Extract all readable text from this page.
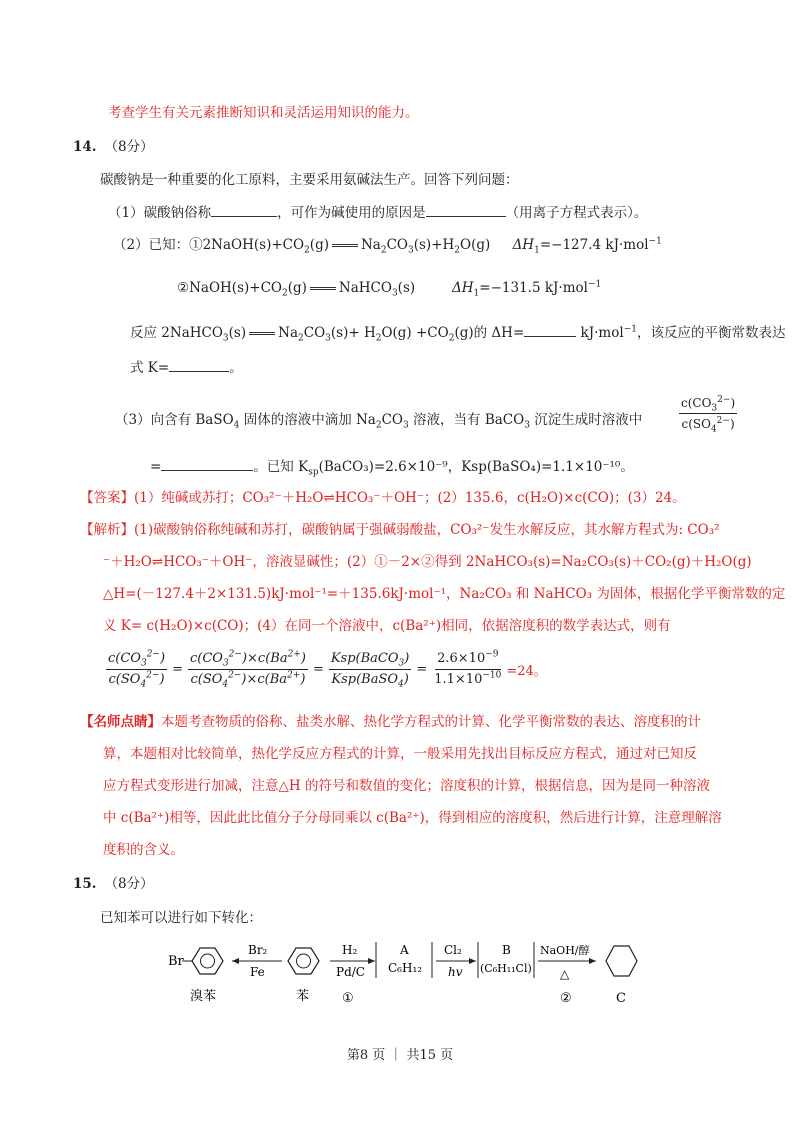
考查学生有关元素推断知识和灵活运用知识的能力。
14. （8分）
碳酸钠是一种重要的化工原料，主要采用氨碱法生产。回答下列问题：
（1）碳酸钠俗称	，可作为碱使用的原因是	（用离子方程式表示）。
（2）已知：$①2NaOH(s)+CO_2(g)$ $Na_2CO_3(s)+H_2O(g)$ $\Delta H_1=-127.4$ kJ·mol$^{-1}$
$②NaOH(s)+CO_2(g)$ NaHCO$_3$(s)	$\Delta H_1=-131.5$ kJ·mol$^{-1}$
反应 2NaHCO$_3$(s) $Na_2CO_3(s)+ H_2O(g) +CO_2(g)$的 ΔH=	kJ·mol$^{-1}$，该反应的平衡常数表达
式 K=	。
（3）向含有 BaSO$_4$ 固体的溶液中滴加 $Na_2CO_3$ 溶液，当有 BaCO$_3$ 沉淀生成时溶液中	$\frac{c(CO_3^{2-})}{c(SO_4^{2-})}$
=	。已知 $K_{sp}(BaCO_3)=2.6\times 10^{-9}$，Ksp(BaSO₄)=1.1×10⁻¹⁰。
【答案】(1）纯碱或苏打；CO₃²⁻＋H₂O⇌HCO₃⁻＋OH⁻；(2）135.6，c(H₂O)×c(CO)；(3）24。
【解析】(1)碳酸钠俗称纯碱和苏打，碳酸钠属于强碱弱酸盐，CO₃²⁻发生水解反应，其水解方程式为: CO₃²
⁻＋H₂O⇌HCO₃⁻＋OH⁻，溶液显碱性；(2）①－2×②得到 2NaHCO₃(s)=Na₂CO₃(s)＋CO₂(g)＋H₂O(g)
△H=(－127.4＋2×131.5)kJ·mol⁻¹=＋135.6kJ·mol⁻¹，Na₂CO₃ 和 NaHCO₃ 为固体，根据化学平衡常数的定
义 K= c(H₂O)×c(CO)；(4）在同一个溶液中，c(Ba²⁺)相同，依据溶度积的数学表达式，则有
$\frac{c(CO_3^{2-})}{c(SO_4^{2-})} = \frac{c(CO_3^{2-})\times c(Ba^{2+})}{c(SO_4^{2-})\times c(Ba^{2+})} = \frac{Ksp(BaCO_3)}{Ksp(BaSO_4)} = \frac{2.6\times 10^{-9}}{1.1\times 10^{-10}} =24$。
【名师点睛】本题考查物质的俗称、盐类水解、热化学方程式的计算、化学平衡常数的表达、溶度积的计
算，本题相对比较简单，热化学反应方程式的计算，一般采用先找出目标反应方程式，通过对已知反
应方程式变形进行加减，注意△H 的符号和数值的变化；溶度积的计算，根据信息，因为是同一种溶液
中 c(Ba²⁺)相等，因此此比值分子分母同乘以 c(Ba²⁺)，得到相应的溶度积，然后进行计算，注意理解溶
度积的含义。
15. （8分）
已知苯可以进行如下转化：
Br
溴苯
Br₂
Fe
苯
H₂
Pd/C
①
A
C₆H₁₂
Cl₂
hv
B
(C₆H₁₁Cl)
NaOH/醇
△
②	C
第8 页 ｜ 共15 页
